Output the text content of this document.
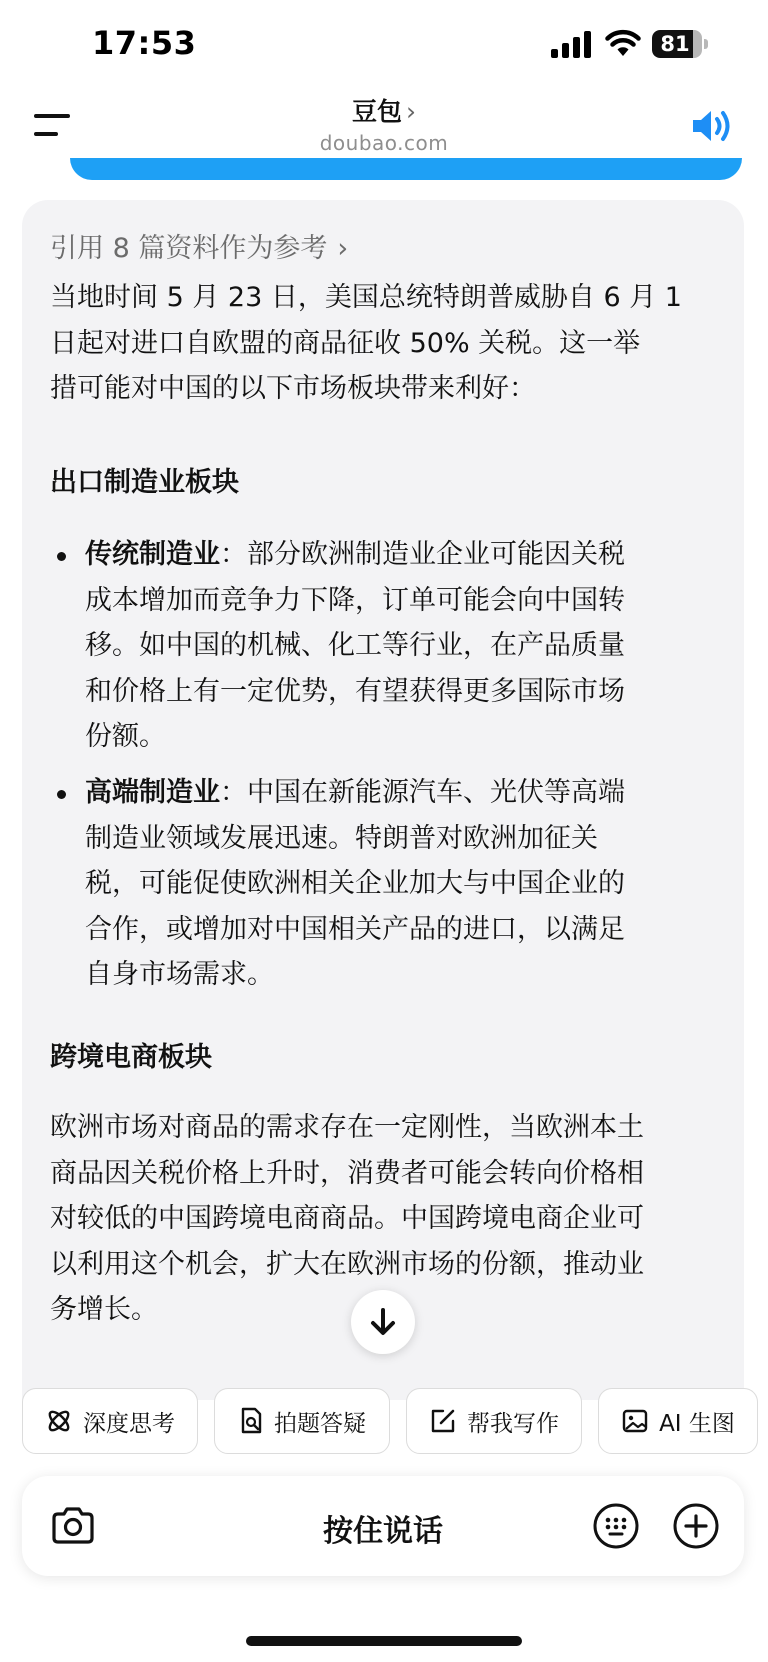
17:53	81
豆包 ›
doubao.com
引用 8 篇资料作为参考 ›
当地时间 5 月 23 日，美国总统特朗普威胁自 6 月 1
日起对进口自欧盟的商品征收 50% 关税。这一举
措可能对中国的以下市场板块带来利好：
出口制造业板块
传统制造业：部分欧洲制造业企业可能因关税
成本增加而竞争力下降，订单可能会向中国转
移。如中国的机械、化工等行业，在产品质量
和价格上有一定优势，有望获得更多国际市场
份额。
高端制造业：中国在新能源汽车、光伏等高端
制造业领域发展迅速。特朗普对欧洲加征关
税，可能促使欧洲相关企业加大与中国企业的
合作，或增加对中国相关产品的进口，以满足
自身市场需求。
跨境电商板块
欧洲市场对商品的需求存在一定刚性，当欧洲本土
商品因关税价格上升时，消费者可能会转向价格相
对较低的中国跨境电商商品。中国跨境电商企业可
以利用这个机会，扩大在欧洲市场的份额，推动业
务增长。
深度思考	拍题答疑	帮我写作	AI 生图
按住说话
